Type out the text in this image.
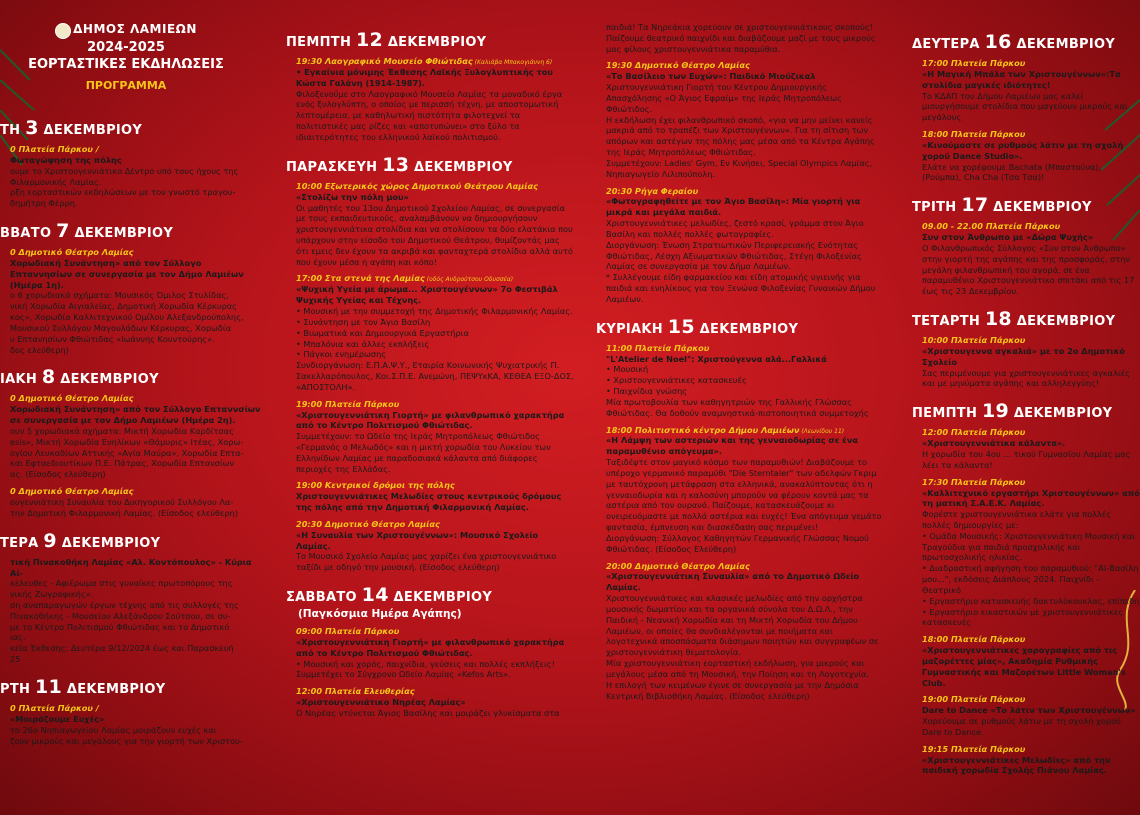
ΔΗΜΟΣ ΛΑΜΙΕΩΝ
2024-2025
ΕΟΡΤΑΣΤΙΚΕΣ ΕΚΔΗΛΩΣΕΙΣ
ΠΡΟΓΡΑΜΜΑ
ΤΗ 3 ΔΕΚΕΜΒΡΙΟΥ
0 Πλατεία Πάρκου /
Φωταγώψηση της πόλης
ουμε το Χριστουγεννιάτικο Δέντρο υπό τους ήχους της Φιλαρμονικής Λαμίας.
ρξη εορταστικών εκδηλώσεων με τον γνωστό τραγου-δημήτρη Φέρρη.
ΒΒΑΤΟ 7 ΔΕΚΕΜΒΡΙΟΥ
0 Δημοτικό Θέατρο Λαμίας
Χορωδιακή Συνάντηση» από τον Σύλλογο Επταννησίων σε συνεργασία με τον Δήμο Λαμιέων (Ημέρα 1η).
ο 6 χορωδιακά σχήματα: Μουσικός Όμιλος Στυλίδας,
νική Χορωδία Αιγιαλείας, Δημοτική Χορωδία Κέρκυρας
κος», Χορωδία Καλλιτεχνικού Ομίλου Αλεξανδρούπολης,
Μουσικού Συλλόγου Μαγουλάδων Κέρκυρας, Χορωδία
υ Επτανησίων Φθιώτιδας «Ιωάννης Κουντούρης».
δος ελεύθερη)
ΙΑΚΗ 8 ΔΕΚΕΜΒΡΙΟΥ
0 Δημοτικό Θέατρο Λαμίας
Χορωδιακή Συνάντηση» από τον Σύλλογο Επταννσίων σε συνεργασία με τον Δήμο Λαμιέων (Ημέρα 2η).
ουν 5 χορωδιακά σχήματα: Μικτή Χορωδία Καρδίτσας
esis», Μικτή Χορωδία Ενηλίκων «Θάμυρις» Ιτέας, Χορω-
ογίου Λευκαδίων Αττικής «Αγία Μαύρα», Χορωδία Επτα-
και Εφταεδιουτίκων Π.Ε. Πάτρας, Χορωδία Επτανσίων
ας. (Είσοδος ελεύθερη)
0 Δημοτικό Θέατρο Λαμίας
ουγεννιάτικη Συναυλία του Δικηγορικού Συλλόγου Λα-
την Δημοτική Φιλαρμονική Λαμίας. (Είσοδος ελεύθερη)
ΤΕΡΑ 9 ΔΕΚΕΜΒΡΙΟΥ
τική Πινακοθήκη Λαμίας «Αλ. Κοντόπουλος» - Κύρια Αί-
κελευθες - Αφιέρωμα στις γυναίκες πρωτοπόρους της
νικής Ζωγραφικής».
ση αναπαραγωγών έργων τέχνης από τις συλλογές της
Πινακοθήκης - Μουσείου Αλεξάνδρου Σούτσου, σε συ-
με το Κέντρο Πολιτισμού Φθιώτιδας και το Δημοτικό
ιας.
κεία Έκθεσης: Δευτέρα 9/12/2024 έως και Παρασκευή
25
ΡΤΗ 11 ΔΕΚΕΜΒΡΙΟΥ
0 Πλατεία Πάρκου /
«Μοιράζουμε Ευχές»
το 26ο Νηπιαγωγείου Λαμίας μοιράζουν ευχές και
ζουν μικρούς και μεγάλους για την γιορτή των Χριστου-
ΠΕΜΠΤΗ 12 ΔΕΚΕΜΒΡΙΟΥ
19:30 Λαογραφικό Μουσείο Φθιώτιδας (Καλιάβα Μπακογιάννη 6)
• Εγκαίνια μόνιμης Έκθεσης Λαϊκής Ξυλογλυπτικής του Κώστα Γαλάνη (1914-1987).
Φιλοξενούμε στο Λαογραφικό Μουσείο Λαμίας τα μοναδικό έργα ενός ξυλογλύπτη, ο οποίος με περισσή τέχνη, με αποστομωτική λεπτομέρεια, με καθηλωτική πιστότητα φιλοτεχνεί τα πολιτιστικές μας ρίζες και «αποτυπώνει» στο ξύλο τα ιδιαιτερότητες του ελληνικού λαϊκού πολιτισμού.
ΠΑΡΑΣΚΕΥΗ 13 ΔΕΚΕΜΒΡΙΟΥ
10:00 Εξωτερικός χώρος Δημοτικού Θεάτρου Λαμίας
«Στολίζω την πόλη μου»
Οι μαθητές του 13ου Δημοτικού Σχολείου Λαμίας, σε συνεργασία με τους εκπαιδευτικούς, αναλαμβάνουν να δημιουργήσουν χριστουγεννιάτικα στολίδια και να στολίσουν τα δύο ελατάκια που υπάρχουν στην είσοδο του Δημοτικού Θεάτρου, θυμίζοντάς μας ότι εμεις δεν έχουν τα ακριβά και φανταχτερά στολίδια αλλά αυτό που έχουν μέσα η αγάπη και κόπο!
17:00 Στα στενά της Λαμίας (οδός Ανδρούτσου Οδυσσέα)
«Ψυχική Υγεία με άρωμα... Χριστουγέννων» 7ο Φεστιβάλ Ψυχικής Υγείας και Τέχνης.
• Μουσική με την συμμετοχή της Δημοτικής Φιλαρμονικής Λαμίας.
• Συνάντηση με τον Άγιο Βασίλη
• Βιωματικά και Δημιουργικά Εργαστήρια
• Μπαλόνια και άλλες εκπλήξεις
• Πάγκοι ενημέρωσης
Συνδιοργάνωση: Ε.Π.Α.Ψ.Υ., Εταιρία Κοινωνικής Ψυχιατρικής Π. Σακελλαρόπουλος, Κοι.Σ.Π.Ε. Ανεμώνη, ΠΕΨΥκΚΑ, ΚΕΘΕΑ ΕΞΟ-ΔΟΣ, «ΑΠΟΣΤΟΛΗ».
19:00 Πλατεία Πάρκου
«Χριστουγεννιάτικη Γιορτή» με φιλανθρωπικό χαρακτήρα από το Κέντρο Πολιτισμού Φθιώτιδας.
Συμμετέχουν: το Ωδείο της Ιεράς Μητροπόλεως Φθιώτιδος «Γερμανός ο Μελωδός» και η μικτή χορωδία του Λυκείου των Ελληνίδων Λαμίας με παραδοσιακά κάλαντα από διάφορες περιοχές της Ελλάδας.
19:00 Κεντρικοί δρόμοι της πόλης
Χριστουγεννιάτικες Μελωδίες στους κεντρικούς δρόμους της πόλης από την Δημοτική Φιλαρμονική Λαμίας.
20:30 Δημοτικό Θέατρο Λαμίας
«Η Συναυλία των Χριστουγέννων»: Μουσικό Σχολείο Λαμίας.
Το Μουσικό Σχολείο Λαμίας μας χαρίζει ένα χριστουγεννιάτικο ταξίδι με οδηγό την μουσική. (Είσοδος ελεύθερη)
ΣΑΒΒΑΤΟ 14 ΔΕΚΕΜΒΡΙΟΥ
(Παγκόσμια Ημέρα Αγάπης)
09:00 Πλατεία Πάρκου
«Χριστουγεννιάτικη Γιορτή» με φιλανθρωπικό χαρακτήρα από το Κέντρο Πολιτισμού Φθιώτιδας.
• Μουσική και χορός, παιχνίδια, γεύσεις και πολλές εκπλήξεις!
Συμμετέχει το Σύγχρονο Ωδείο Λαμίας «Kefos Arts».
12:00 Πλατεία Ελευθερίας
«Χριστουγεννιάτικο Νηρέας Λαμίας»
Ο Νηρέας ντύνεται Άγιος Βασίλης και μοιράζει γλυκίσματα στα
παιδιά! Τα Νηρεάκια χορεύουν σε χριστουγεννιάτικους σκοπούς! Παίζουμε θεατρικό παιχνίδι και διαβάζουμε μαζί με τους μικρούς μας φίλους χριστουγεννιάτικα παραμύθια.
19:30 Δημοτικό Θέατρο Λαμίας
«Το Βασίλειο των Ευχών»: Παιδικό Μιούζικαλ
Χριστουγεννιάτικη Γιορτή του Κέντρου Δημιουργικής Απασχόλησης «Ο Άγιος Εφραίμ» της Ιεράς Μητροπόλεως Φθιώτιδος.
Η εκδήλωση έχει φιλανθρωπικό σκοπό, «για να μην μείνει κανείς μακριά από το τραπέζι των Χριστουγέννων». Για τη σίτιση των απόρων και αστέγων της πόλης μας μέσα από τα Κέντρα Αγάπης της Ιεράς Μητροπόλεως Φθιώτιδας.
Συμμετέχουν: Ladies' Gym, Εν Κινήσει, Special Olympics Λαμίας, Νηπιαγωγείο Λιλιπούπολη.
20:30 Ρήγα Φεραίου
«Φωτογραφηθείτε με τον Άγιο Βασίλη»: Μία γιορτή για μικρά και μεγάλα παιδιά.
Χριστουγεννιάτικες μελωδίες, ζεστό κρασί, γράμμα στον Άγιο Βασίλη και πολλές πολλές φωτογραφίες.
Διοργάνωση: Ένωση Στρατιωτικών Περιφερειακής Ενότητας Φθιώτιδας, Λέσχη Αξιωματικών Φθιώτιδας, Στέγη Φιλοξενίας Λαμίας σε συνεργασία με τον Δήμο Λαμιέων.
* Συλλέγουμε είδη φαρμακείου και είδη ατομικής υγιεινής για παιδιά και ενηλίκους για τον Ξενώνα Φιλοξενίας Γυναικών Δήμου Λαμιέων.
ΚΥΡΙΑΚΗ 15 ΔΕΚΕΜΒΡΙΟΥ
11:00 Πλατεία Πάρκου
"L'Atelier de Noel": Χριστούγεννα αλά...Γαλλικά
• Μουσική
• Χριστουγεννιάτικες κατασκευές
• Παιχνίδια γνώσης
Μία πρωτοβουλία των καθηγητριών της Γαλλικής Γλώσσας Φθιώτιδας. Θα δοθούν αναμνηστικά-πιστοποιητικά συμμετοχής
18:00 Πολιτιστικό κέντρο Δήμου Λαμιέων (Λεωνίδου 11)
«Η Λάμψη των αστεριών και της γενναιοδωρίας σε ένα παραμυθένιο απόγευμα».
Ταξιδέψτε στον μαγικό κόσμο των παραμυθιών! Διαβάζουμε το υπέροχο γερμανικό παραμύθι "Die Sterntaler" των αδελφών Γκριμ με ταυτόχρονη μετάφραση στα ελληνικά, ανακαλύπτοντας ότι η γενναιοδωρία και η καλοσύνη μπορούν να φέρουν κοντά μας τα αστέρια από τον ουρανό. Παίζουμε, κατασκευάζουμε κι ονειρευόμαστε με πολλά αστέρια και ευχές! Ένα απόγευμα γεμάτο φαντασία, έμπνευση και διασκέδαση σας περιμένει!
Διοργάνωση: Σύλλογος Καθηγητών Γερμανικής Γλώσσας Νομού Φθιώτιδας. (Είσοδος Ελεύθερη)
20:00 Δημοτικό Θέατρο Λαμίας
«Χριστουγεννιάτικη Συναυλία» από το Δημοτικό Ωδείο Λαμίας.
Χριστουγεννιάτικες και κλασικές μελωδίες από την ορχήστρα μουσικής δωματίου και τα οργανικά σύνολα του Δ.Ω.Λ., την Παιδική - Νεανική Χορωδία και τη Μικτή Χορωδία του Δήμου Λαμιέων, οι οποίες θα συνδιαλέγονται με ποιήματα και λογοτεχνικά αποσπάσματα διάσημων ποιητών και συγγραφέων σε χριστουγεννιάτικη θεματολογία.
Μία χριστουγεννιάτικη εορταστική εκδήλωση, για μικρούς και μεγάλους μέσα από τη Μουσική, την Ποίηση και τη Λογοτεχνία.
Η επιλογή των κειμένων έγινε σε συνεργασία με την Δημόσια Κεντρική Βιβλιοθήκη Λαμίας. (Είσοδος ελεύθερη)
ΔΕΥΤΕΡΑ 16 ΔΕΚΕΜΒΡΙΟΥ
17:00 Πλατεία Πάρκου
«Η Μαγική Μπάλα των Χριστουγέννων»:Τα στολίδια μαγικές ιδιότητες!
Το ΚΔΑΠ του Δήμου Λαμιέων μας καλεί μιουργήσουμε στολίδια που μαγεύουν μικρούς και μεγάλους
18:00 Πλατεία Πάρκου
«Κινούμαστε σε ρυθμούς λάτιν με τη σχολή χορού Dance Studio».
Ελάτε να χορέψουμε Bachata (Μπαστούνα), (Ρούμπα), Cha Cha (Τσα Τσα)!
ΤΡΙΤΗ 17 ΔΕΚΕΜΒΡΙΟΥ
09.00 - 22.00 Πλατεία Πάρκου
Συν στον Άνθρωπο με «Δώρα Ψυχής»
Ο Φιλανθρωπικός Σύλλογος «Συν στον Άνθρωπο» στην γιορτή της αγάπης και της προσφοράς, στην μεγάλη φιλανθρωπική του αγορά, σε ένα παραμυθένιο Χριστουγεννιάτικο σπιτάκι από τις 17 έως τις 23 Δεκεμβρίου.
ΤΕΤΑΡΤΗ 18 ΔΕΚΕΜΒΡΙΟΥ
10:00 Πλατεία Πάρκου
«Χριστουγεννα αγκαλιά» με το 2ο Δημοτικό Σχολείο
Σας περιμένουμε για χριστουγεννιάτικες αγκαλιές και με μηνύματα αγάπης και αλληλεγγύης!
ΠΕΜΠΤΗ 19 ΔΕΚΕΜΒΡΙΟΥ
12:00 Πλατεία Πάρκου
«Χριστουγεννιάτικα κάλαντα».
Η χορωδία του 4ου ... τικού Γυμνασίου Λαμίας μας λέει τα κάλαντα!
17:30 Πλατεία Πάρκου
«Καλλιτεχνικό εργαστήρι Χριστουγέννων» από τη ματική Σ.Α.Ε.Κ. Λαμίας.
Φορέστε χριστουγεννιάτικα ελάτε για πολλές πολλές δημιουργίες με:
• Ομάδα Μουσικής: Χριστουγεννιάτικη Μουσική και Τραγούδια για παιδιά προσχολικής και πρωτοσχολικής ηλικίας.
• Διαδραστική αφήγηση του παραμυθιού: "Αϊ-Βασίλη μου...", εκδόσεις Διάπλους 2024. Παιχνίδι - Θεατρικό
• Εργαστήριο κατασκευής δακτυλόκουκλας, επίπεδη
• Εργαστήριο εικαστικών με χριστουγεννιάτικες κατασκευές
18:00 Πλατεία Πάρκου
«Χριστουγεννιάτικες χορογραφίες από τις μαζορέττες μίας», Ακαδημία Ρυθμικής Γυμναστικής και Μαζορέτων Little Woman's Club.
19:00 Πλατεία Πάρκου
Dare to Dance «Το λάτιν των Χριστουγέννων»
Χορεύουμε σε ρυθμούς λάτιν με τη σχολή χορού Dare to Dance.
19:15 Πλατεία Πάρκου
«Χριστουγεννιάτικες Μελωδίες» από την παιδική χορωδία Σχολής Πιάνου Λαμίας.
